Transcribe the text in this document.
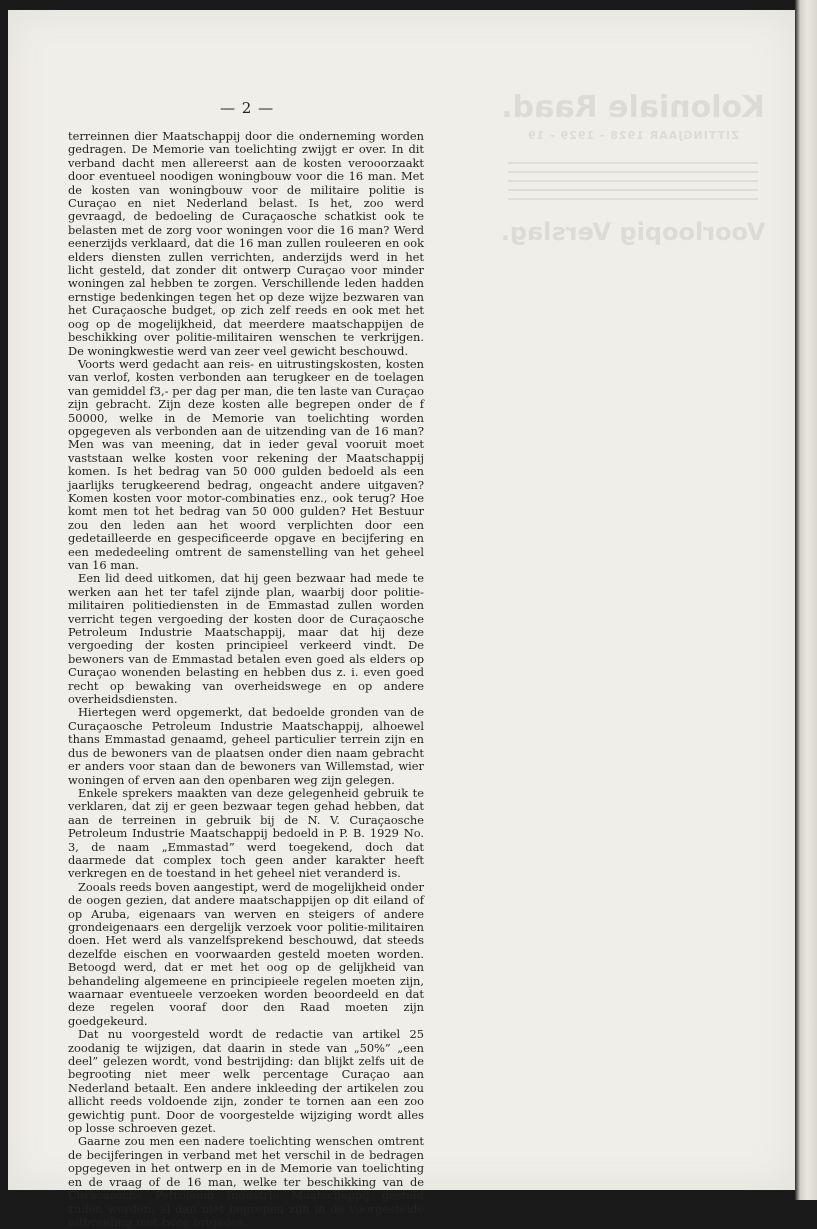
Koloniale Raad.
ZITTINGJAAR 1928 - 1929 - 19
Voorloopig Verslag.
— 2 —

terreinnen dier Maatschappij door die onderneming worden gedragen. De Memorie van toelichting zwijgt er over. In dit verband dacht men allereerst aan de kosten verooorzaakt door eventueel noodigen woningbouw voor die 16 man. Met de kosten van woningbouw voor de militaire politie is Curaçao en niet Nederland belast. Is het, zoo werd gevraagd, de bedoeling de Curaçaosche schatkist ook te belasten met de zorg voor woningen voor die 16 man? Werd eenerzijds verklaard, dat die 16 man zullen rouleeren en ook elders diensten zullen verrichten, anderzijds werd in het licht gesteld, dat zonder dit ontwerp Curaçao voor minder woningen zal hebben te zorgen. Verschillende leden hadden ernstige bedenkingen tegen het op deze wijze bezwaren van het Curaçaosche budget, op zich zelf reeds en ook met het oog op de mogelijkheid, dat meerdere maatschappijen de beschikking over politie-militairen wenschen te verkrijgen. De woningkwestie werd van zeer veel gewicht beschouwd.

Voorts werd gedacht aan reis- en uitrustingskosten, kosten van verlof, kosten verbonden aan terugkeer en de toelagen van gemiddel f3,- per dag per man, die ten laste van Curaçao zijn gebracht. Zijn deze kosten alle begrepen onder de f 50000, welke in de Memorie van toelichting worden opgegeven als verbonden aan de uitzending van de 16 man? Men was van meening, dat in ieder geval vooruit moet vaststaan welke kosten voor rekening der Maatschappij komen. Is het bedrag van 50 000 gulden bedoeld als een jaarlijks terugkeerend bedrag, ongeacht andere uitgaven? Komen kosten voor motor-combinaties enz., ook terug? Hoe komt men tot het bedrag van 50 000 gulden? Het Bestuur zou den leden aan het woord verplichten door een gedetailleerde en gespecificeerde opgave en becijfering en een mededeeling omtrent de samenstelling van het geheel van 16 man.

Een lid deed uitkomen, dat hij geen bezwaar had mede te werken aan het ter tafel zijnde plan, waarbij door politie-militairen politiediensten in de Emmastad zullen worden verricht tegen vergoeding der kosten door de Curaçaosche Petroleum Industrie Maatschappij, maar dat hij deze vergoeding der kosten principieel verkeerd vindt. De bewoners van de Emmastad betalen even goed als elders op Curaçao wonenden belasting en hebben dus z. i. even goed recht op bewaking van overheidswege en op andere overheidsdiensten.

Hiertegen werd opgemerkt, dat bedoelde gronden van de Curaçaosche Petroleum Industrie Maatschappij, alhoewel thans Emmastad genaamd, geheel particulier terrein zijn en dus de bewoners van de plaatsen onder dien naam gebracht er anders voor staan dan de bewoners van Willemstad, wier woningen of erven aan den openbaren weg zijn gelegen.

Enkele sprekers maakten van deze gelegenheid gebruik te verklaren, dat zij er geen bezwaar tegen gehad hebben, dat aan de terreinen in gebruik bij de N. V. Curaçaosche Petroleum Industrie Maatschappij bedoeld in P. B. 1929 No. 3, de naam „Emmastad” werd toegekend, doch dat daarmede dat complex toch geen ander karakter heeft verkregen en de toestand in het geheel niet veranderd is.

Zooals reeds boven aangestipt, werd de mogelijkheid onder de oogen gezien, dat andere maatschappijen op dit eiland of op Aruba, eigenaars van werven en steigers of andere grondeigenaars een dergelijk verzoek voor politie-militairen doen. Het werd als vanzelfsprekend beschouwd, dat steeds dezelfde eischen en voorwaarden gesteld moeten worden. Betoogd werd, dat er met het oog op de gelijkheid van behandeling algemeene en principieele regelen moeten zijn, waarnaar eventueele verzoeken worden beoordeeld en dat deze regelen vooraf door den Raad moeten zijn goedgekeurd.

Dat nu voorgesteld wordt de redactie van artikel 25 zoodanig te wijzigen, dat daarin in stede van „50%” „een deel” gelezen wordt, vond bestrijding: dan blijkt zelfs uit de begrooting niet meer welk percentage Curaçao aan Nederland betaalt. Een andere inkleeding der artikelen zou allicht reeds voldoende zijn, zonder te tornen aan een zoo gewichtig punt. Door de voorgestelde wijziging wordt alles op losse schroeven gezet.

Gaarne zou men een nadere toelichting wenschen omtrent de becijferingen in verband met het verschil in de bedragen opgegeven in het ontwerp en in de Memorie van toelichting en de vraag of de 16 man, welke ter beschikking van de Curaçaosche Petroleum Industrie Maatschappij gesteld zullen worden, al dan niet begrepen zijn in de voorgestelde uitbreiding met twee brigades.
